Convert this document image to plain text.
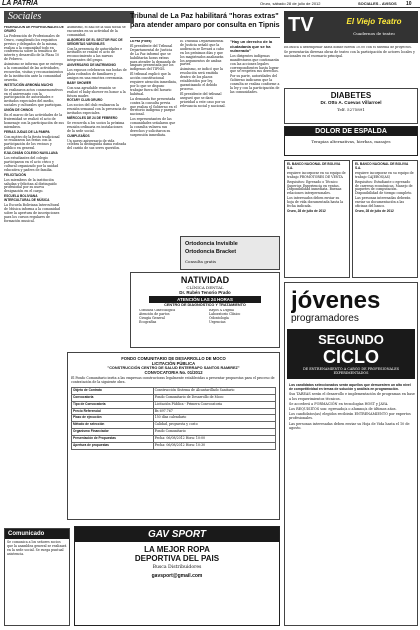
LA PATRIA	Oruro, sábado 28 de julio de 2012	SOCIALES - AVISOS	10
Sociales

FEDERACION DE PROFESIONALES DE ORURO

La Federación de Profesionales de Oruro, cumpliendo los requisitos previos y delegados de la misma, realiza a la comunidad todo en conferencia sobre la temática de interés y desarrollo de la Plaza 10 de Febrero.

Asimismo se informa que se entrega a la comunidad de las actividades, recuerdos, visitas y reconocimientos de la institución ante la comunidad orureña.

INSTITUCIÓN ARMONÍA MACHO

Se realizaron actos conmemorativos en el aniversario con la participación de autoridades e invitados especiales del medio, sociales y culturales que participan.

UNIÓN DE CHINOS

En el marco de las actividades de la fraternidad se realizó el acto de homenaje con la participación de sus miembros.

FERIAS JUDAS DE LA PAMPA

Con motivo de la fiesta tradicional se realizaron las ferias con la participación de los vecinos y público en general.

EJALCINIÁN COLEGIO NAVILLANA

Los estudiantes del colegio participaron en el acto cívico y cultural organizado por la unidad educativa y padres de familia.

FELICITACIÓN

Los miembros de la institución saludan y felicitan al distinguido profesional por su nueva designación en el cargo.

ESCUELA BOLIVIANA INTERCULTURAL DE MÚSICA

La Escuela Boliviana Intercultural de Música informa a la comunidad sobre la apertura de inscripciones para los cursos regulares de formación musical.

Asimismo, el hall de la sala social se encuentra en su actividad de la comunidad.

ALBORDEO DE EL SECTOR RUC DE SEÑORITAS VARONILES

Con la presencia de autoridades e invitados se realizó el acto de reconocimiento a las nuevas integrantes del grupo.

ANIVERSARIO DE MATRIMONIO

Los esposos celebraron sus bodas de plata rodeados de familiares y amigos en una emotiva ceremonia.

BABY SHOWER

Con una agradable reunión se realizó el baby shower en honor a la futura madre.

ROTARY CLUB ORURO

Los socios del club realizaron la reunión semanal con la presencia de invitados especiales.

MIÉRCOLES DE 24 DE FEBRERO

Se recuerda a los socios la próxima reunión ordinaria en instalaciones de la sede social.

CUMPLEAÑOS

Un nuevo aniversario de vida celebra la distinguida dama rodeada del cariño de sus seres queridos.

Tribunal de La Paz habilitará "horas extras" para atender amparo por consulta en Tipnis

La Paz (Fides)

El presidente del Tribunal Departamental de Justicia de La Paz informó que se habilitarán horas extras para atender la demanda de amparo presentada por los indígenas del TIPNIS.

El tribunal explicó que la acción constitucional requiere atención inmediata, por lo que se dispuso trabajar fuera del horario habitual.

La demanda fue presentada contra la consulta previa que realiza el Gobierno en el territorio indígena y parque nacional.

Los representantes de las comunidades señalaron que la consulta vulnera sus derechos y solicitaron su suspensión inmediata.

El Tribunal Departamental de Justicia señaló que la audiencia se llevará a cabo en los próximos días y que los magistrados analizarán los argumentos de ambas partes.

Asimismo, se indicó que la resolución será emitida dentro de los plazos establecidos por ley, garantizando el debido proceso.

El presidente del tribunal aseguró que se dará prioridad a este caso por su relevancia social y nacional.

"Hay un derecho de la ciudadanía que se ha vulnerado"

Los dirigentes indígenas manifestaron que continuarán con las acciones legales correspondientes hasta lograr que se respeten sus derechos.

Por su parte, autoridades del Gobierno indicaron que la consulta se realiza conforme a la ley y con la participación de las comunidades.

Ortodoncia Invisible
Ortodoncia Bracket
Consulta gratis
NATIVIDAD
CLÍNICA DENTAL
Dr. Rubén Tenorio Prado
ATENCIÓN LAS 24 HORAS
CENTRO DE DIAGNÓSTICO Y TRATAMIENTO
Consulta Ginecológica
Atención de partos
Cirugía General
Ecografías
Rayos X Digital
Laboratorio Clínico
Odontología
Urgencias
FONDO COMUNITARIO DE DESARROLLO DE MOCO
LICITACIÓN PÚBLICA
"CONSTRUCCIÓN CENTRO DE SALUD ENTERRAPO SANTOS RAMIREZ"
CONVOCATORIA No. 01/2012

El Fondo Comunitario invita a las empresas constructoras legalmente establecidas a presentar propuestas para el proceso de contratación de la siguiente obra.

Objeto de Contrato	Construcción Sistema de Alcantarillado Sanitario
Convocatoria	Fondo Comunitario de Desarrollo de Moco
Tipo de Convocatoria	Licitación Pública - Primera Convocatoria
Precio Referencial	Bs 697.767
Plazo de ejecución	150 días calendario
Método de selección	Calidad, propuesta y costo
Organismo Financiador	Fondo Comunitario
Presentación de Propuestas	Fecha: 06/08/2012 Hora: 10:00
Apertura de propuestas	Fecha: 06/08/2012 Hora: 10:30
Comunicado
Se comunica a los señores socios que la asamblea general se realizará en la sede social. Se ruega puntual asistencia.
GAV SPORT
LA MEJOR ROPA
DEPORTIVA DEL PAIS
Busca Distribuidores
gavsport@gmail.com
TV	El Viejo Teatro
Cuadernos de teatro

En busca a desempeñar hasta donde fueron 10.00 con el sistema de proyectos.

Se presentarán diversas obras de teatro con la participación de actores locales y nacionales en el escenario principal.

DIABETES
Dr. Otto A. Cuevas Villarroel
Telf. 5275891
DOLOR DE ESPALDA
Terapias alternativas, hierbas, masajes

EL BANCO NACIONAL DE BOLIVIA S.A.

requiere incorporar en su equipo de trabajo PROMOTORES DE VENTA

Requisitos: Egresado o Técnico Superior. Experiencia en ventas. Disponibilidad inmediata. Buenas relaciones interpersonales.

Los interesados deben enviar su hoja de vida documentada hasta la fecha indicada.

Oruro, 28 de julio de 2012

EL BANCO NACIONAL DE BOLIVIA S.A.

requiere incorporar en su equipo de trabajo CAJEROS(AS)

Requisitos: Estudiante o egresado de carreras económicas. Manejo de paquetes de computación. Disponibilidad de tiempo completo.

Las personas interesadas deberán enviar su documentación a las oficinas del banco.

Oruro, 28 de julio de 2012

jóvenes
programadores
SEGUNDO
CICLO
DE ENTRENAMIENTO A CARGO DE PROFESIONALES EXPERIMENTADOS

Los candidatos seleccionados serán aquellos que demuestren un alto nivel de competitividad en temas de solución y análisis en programación.

Sus TAREAS serán el desarrollo e implementación de programas en base a los requerimientos técnicos.

Se accederá a FORMACIÓN en tecnologías HOST y JAVA.

Los REQUISITOS son: egresado/a o alumno/a de últimos años.

Los candidatos(as) elegidos recibirán ENTRENAMIENTO por expertos profesionales.

Las personas interesadas deben enviar su Hoja de Vida hasta el 10 de agosto.
